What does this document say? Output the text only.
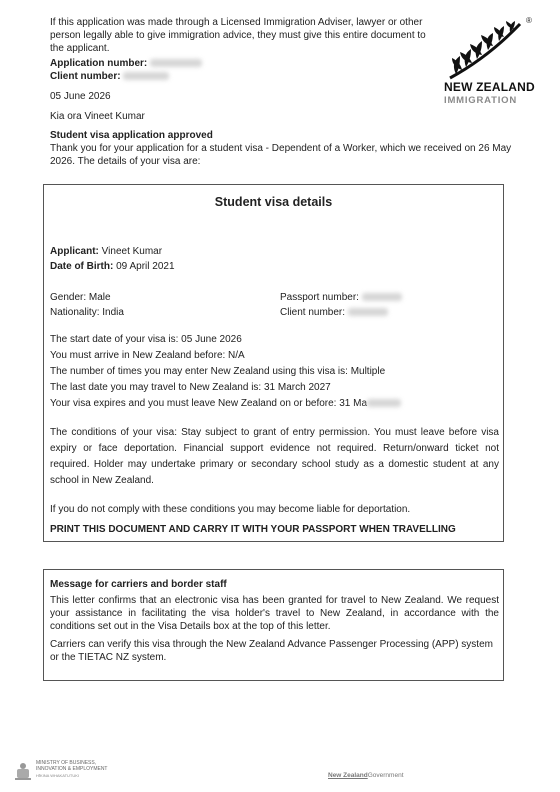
If this application was made through a Licensed Immigration Adviser, lawyer or other person legally able to give immigration advice, they must give this entire document to the applicant.
®
NEW ZEALAND
IMMIGRATION
Application number:
Client number:
05 June 2026
Kia ora Vineet Kumar
Student visa application approved
Thank you for your application for a student visa - Dependent of a Worker, which we received on 26 May 2026. The details of your visa are:
Student visa details
Applicant: Vineet Kumar
Date of Birth: 09 April 2021
Gender: Male
Nationality: India
Passport number:
Client number:
The start date of your visa is: 05 June 2026
You must arrive in New Zealand before: N/A
The number of times you may enter New Zealand using this visa is: Multiple
The last date you may travel to New Zealand is: 31 March 2027
Your visa expires and you must leave New Zealand on or before: 31 Ma
The conditions of your visa: Stay subject to grant of entry permission. You must leave before visa expiry or face deportation. Financial support evidence not required. Return/onward ticket not required. Holder may undertake primary or secondary school study as a domestic student at any school in New Zealand.
If you do not comply with these conditions you may become liable for deportation.
PRINT THIS DOCUMENT AND CARRY IT WITH YOUR PASSPORT WHEN TRAVELLING
Message for carriers and border staff
This letter confirms that an electronic visa has been granted for travel to New Zealand. We request your assistance in facilitating the visa holder's travel to New Zealand, in accordance with the conditions set out in the Visa Details box at the top of this letter.
Carriers can verify this visa through the New Zealand Advance Passenger Processing (APP) system or the TIETAC NZ system.
MINISTRY OF BUSINESS,
INNOVATION & EMPLOYMENT
HĪKINA WHAKATUTUKI	New ZealandGovernment
